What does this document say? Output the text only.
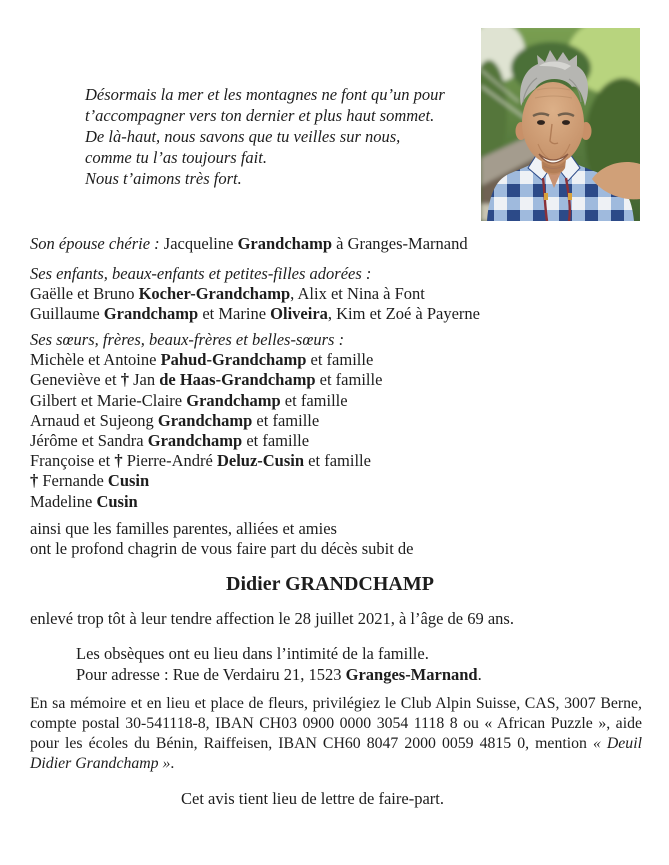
Désormais la mer et les montagnes ne font qu’un pour
t’accompagner vers ton dernier et plus haut sommet.
De là-haut, nous savons que tu veilles sur nous,
comme tu l’as toujours fait.
Nous t’aimons très fort.
Son épouse chérie : Jacqueline Grandchamp à Granges-Marnand
Ses enfants, beaux-enfants et petites-filles adorées :
Gaëlle et Bruno Kocher-Grandchamp, Alix et Nina à Font
Guillaume Grandchamp et Marine Oliveira, Kim et Zoé à Payerne
Ses sœurs, frères, beaux-frères et belles-sœurs :
Michèle et Antoine Pahud-Grandchamp et famille
Geneviève et † Jan de Haas-Grandchamp et famille
Gilbert et Marie-Claire Grandchamp et famille
Arnaud et Sujeong Grandchamp et famille
Jérôme et Sandra Grandchamp et famille
Françoise et † Pierre-André Deluz-Cusin et famille
† Fernande Cusin
Madeline Cusin
ainsi que les familles parentes, alliées et amies
ont le profond chagrin de vous faire part du décès subit de
Didier GRANDCHAMP
enlevé trop tôt à leur tendre affection le 28 juillet 2021, à l’âge de 69 ans.
Les obsèques ont eu lieu dans l’intimité de la famille.
Pour adresse : Rue de Verdairu 21, 1523 Granges-Marnand.
En sa mémoire et en lieu et place de fleurs, privilégiez le Club Alpin Suisse, CAS, 3007 Berne, compte postal 30-541118-8, IBAN CH03 0900 0000 3054 1118 8 ou « African Puzzle », aide pour les écoles du Bénin, Raiffeisen, IBAN CH60 8047 2000 0059 4815 0, mention « Deuil Didier Grandchamp ».
Cet avis tient lieu de lettre de faire-part.
